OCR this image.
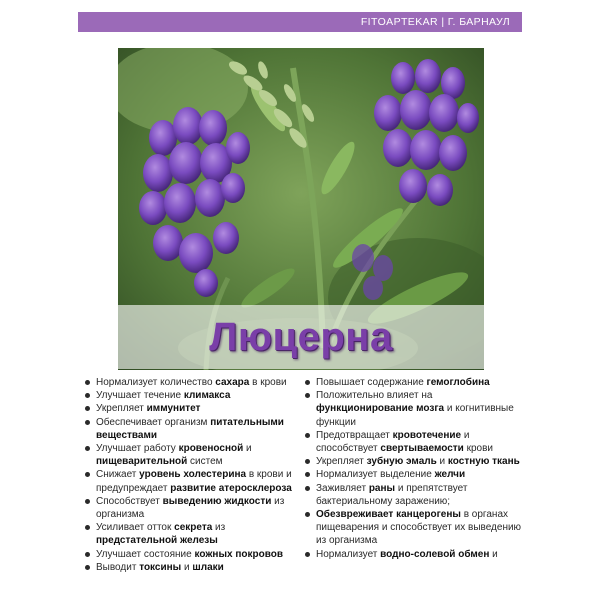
FITOAPTEKAR | Г. БАРНАУЛ
Люцерна
Нормализует количество сахара в крови
Улучшает течение климакса
Укрепляет иммунитет
Обеспечивает организм питательными веществами
Улучшает работу кровеносной и пищеварительной систем
Снижает уровень холестерина в крови и предупреждает развитие атеросклероза
Способствует выведению жидкости из организма
Усиливает отток секрета из предстательной железы
Улучшает состояние кожных покровов
Выводит токсины и шлаки
Повышает содержание гемоглобина
Положительно влияет на функционирование мозга и когнитивные функции
Предотвращает кровотечение и способствует свертываемости крови
Укрепляет зубную эмаль и костную ткань
Нормализует выделение желчи
Заживляет раны и препятствует бактериальному заражению;
Обезвреживает канцерогены в органах пищеварения и способствует их выведению из организма
Нормализует водно-солевой обмен и
